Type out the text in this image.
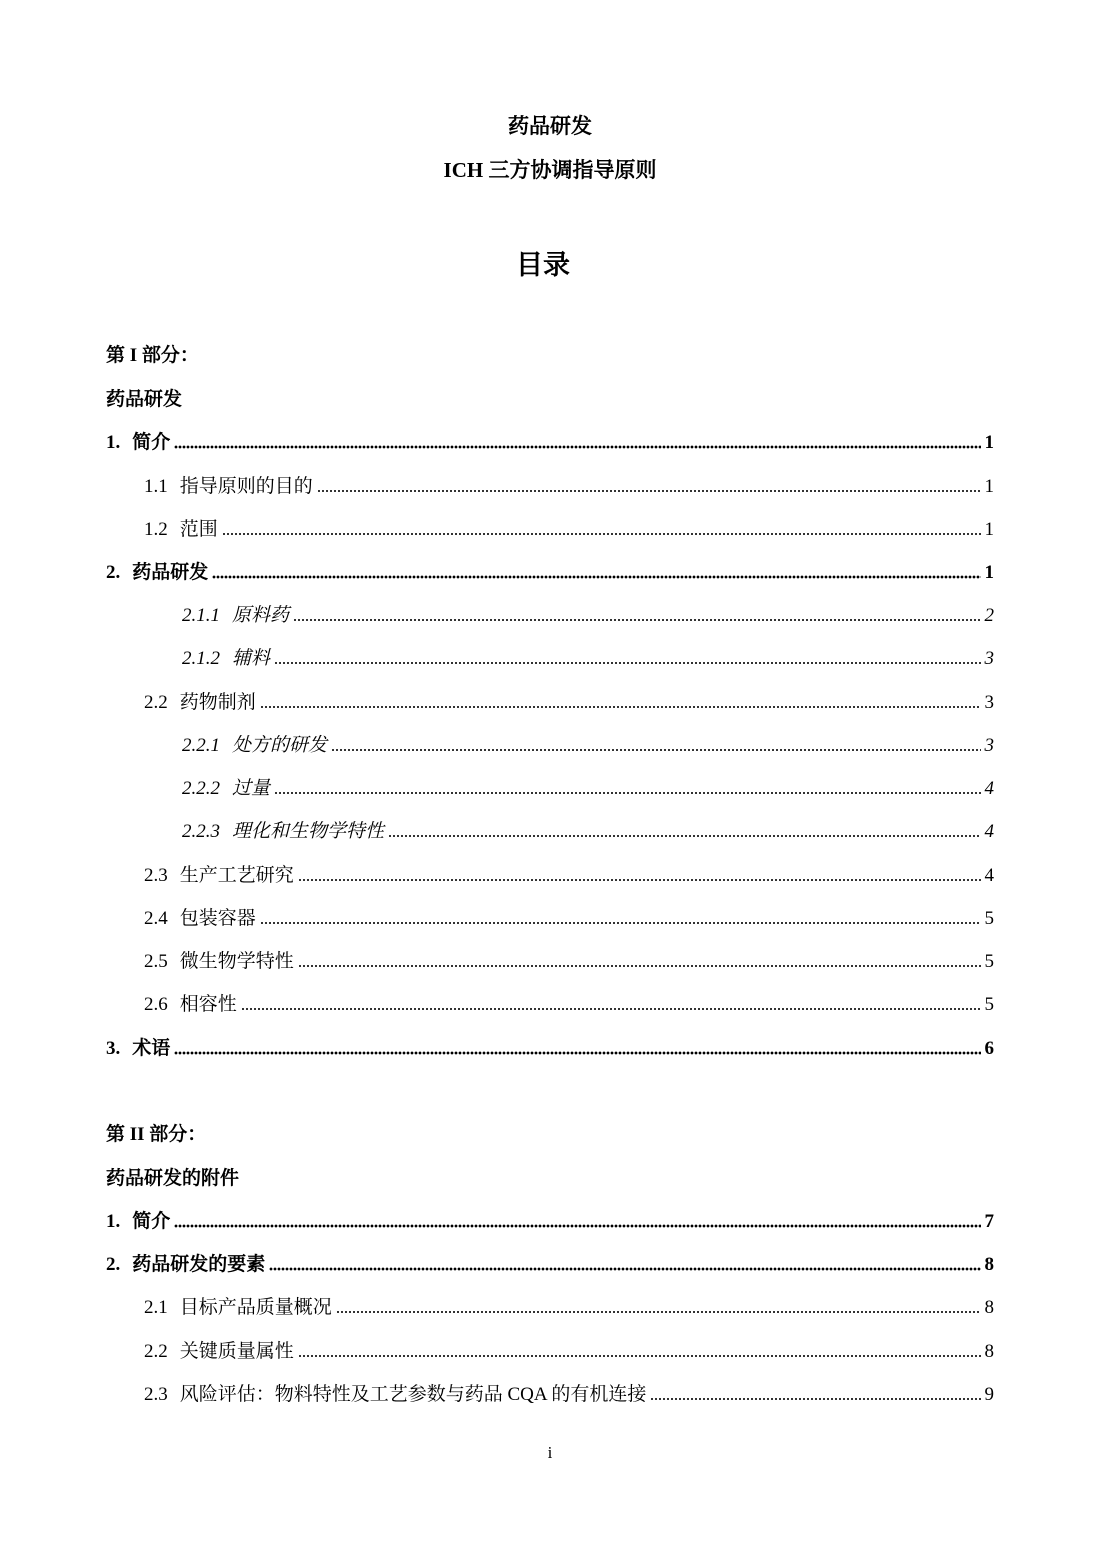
药品研发
ICH 三方协调指导原则
目录
第 I 部分：
药品研发
1. 简介	1
1.1 指导原则的目的	1
1.2 范围	1
2. 药品研发	1
2.1.1 原料药	2
2.1.2 辅料	3
2.2 药物制剂	3
2.2.1 处方的研发	3
2.2.2 过量	4
2.2.3 理化和生物学特性	4
2.3 生产工艺研究	4
2.4 包装容器	5
2.5 微生物学特性	5
2.6 相容性	5
3. 术语	6
第 II 部分：
药品研发的附件
1. 简介	7
2. 药品研发的要素	8
2.1 目标产品质量概况	8
2.2 关键质量属性	8
2.3 风险评估：物料特性及工艺参数与药品 CQA 的有机连接	9
i
